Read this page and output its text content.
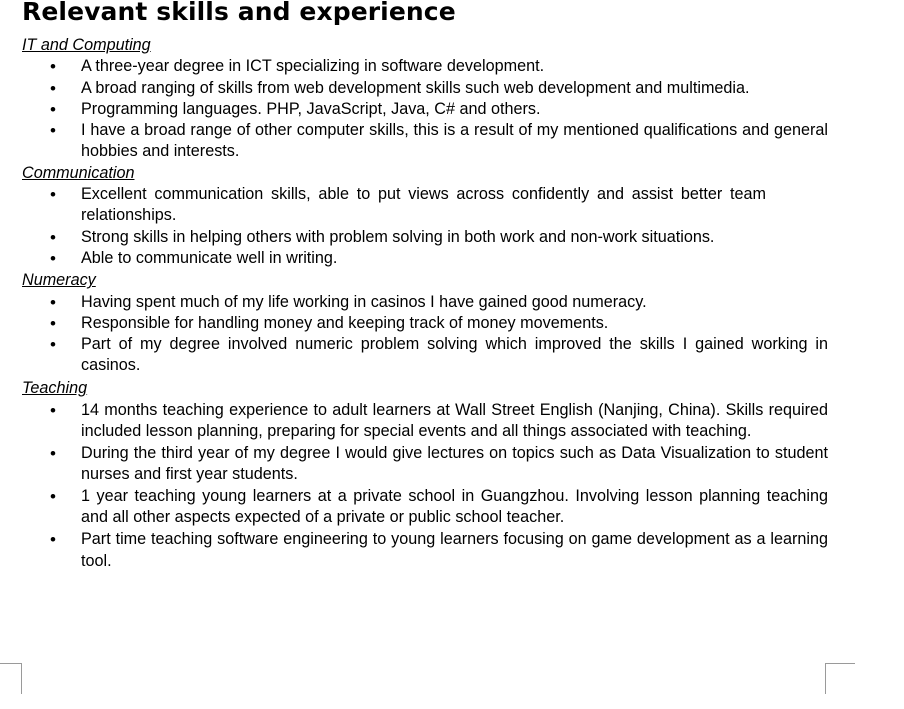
Relevant skills and experience
IT and Computing
• A three-year degree in ICT specializing in software development.
• A broad ranging of skills from web development skills such web development and multimedia.
• Programming languages. PHP, JavaScript, Java, C# and others.
• I have a broad range of other computer skills, this is a result of my mentioned qualifications and general hobbies and interests.
Communication
• Excellent communication skills, able to put views across confidently and assist better team relationships.
• Strong skills in helping others with problem solving in both work and non-work situations.
• Able to communicate well in writing.
Numeracy
• Having spent much of my life working in casinos I have gained good numeracy.
• Responsible for handling money and keeping track of money movements.
• Part of my degree involved numeric problem solving which improved the skills I gained working in casinos.
Teaching
• 14 months teaching experience to adult learners at Wall Street English (Nanjing, China). Skills required included lesson planning, preparing for special events and all things associated with teaching.
• During the third year of my degree I would give lectures on topics such as Data Visualization to student nurses and first year students.
• 1 year teaching young learners at a private school in Guangzhou. Involving lesson planning teaching and all other aspects expected of a private or public school teacher.
• Part time teaching software engineering to young learners focusing on game development as a learning tool.
